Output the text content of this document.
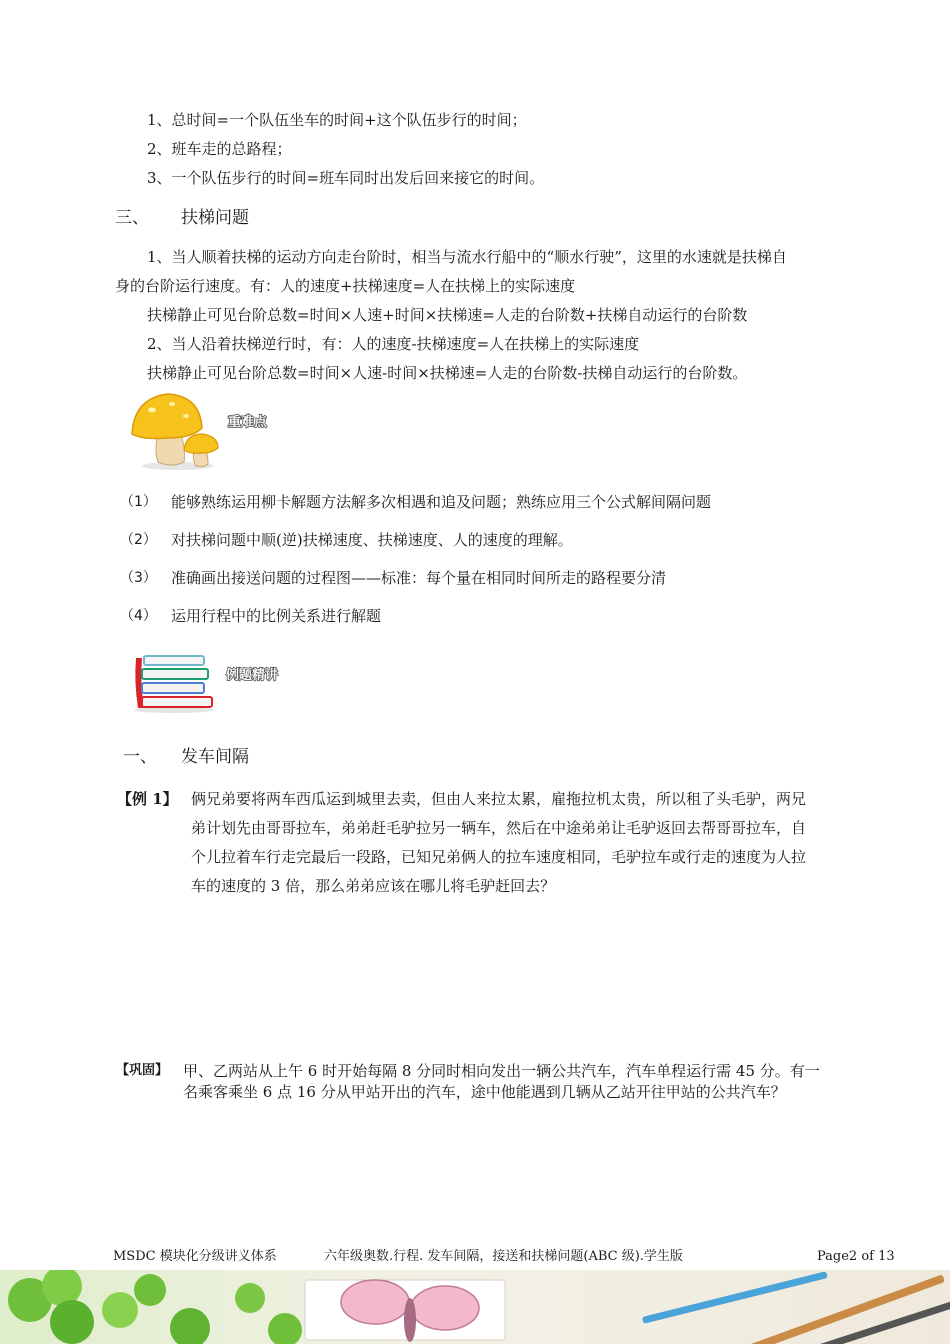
1、总时间=一个队伍坐车的时间+这个队伍步行的时间；
2、班车走的总路程；
3、一个队伍步行的时间=班车同时出发后回来接它的时间。
三、 扶梯问题
1、当人顺着扶梯的运动方向走台阶时，相当与流水行船中的“顺水行驶”，这里的水速就是扶梯自
身的台阶运行速度。有：人的速度+扶梯速度=人在扶梯上的实际速度
扶梯静止可见台阶总数=时间×人速+时间×扶梯速=人走的台阶数+扶梯自动运行的台阶数
2、当人沿着扶梯逆行时，有：人的速度-扶梯速度=人在扶梯上的实际速度
扶梯静止可见台阶总数=时间×人速-时间×扶梯速=人走的台阶数-扶梯自动运行的台阶数。
重难点
（1） 能够熟练运用柳卡解题方法解多次相遇和追及问题；熟练应用三个公式解间隔问题
（2） 对扶梯问题中顺(逆)扶梯速度、扶梯速度、人的速度的理解。
（3） 准确画出接送问题的过程图——标准：每个量在相同时间所走的路程要分清
（4） 运用行程中的比例关系进行解题
例题精讲
一、 发车间隔
【例 1】 俩兄弟要将两车西瓜运到城里去卖，但由人来拉太累，雇拖拉机太贵，所以租了头毛驴，两兄
弟计划先由哥哥拉车，弟弟赶毛驴拉另一辆车，然后在中途弟弟让毛驴返回去帮哥哥拉车，自
个儿拉着车行走完最后一段路，已知兄弟俩人的拉车速度相同，毛驴拉车或行走的速度为人拉
车的速度的 3 倍，那么弟弟应该在哪儿将毛驴赶回去？
【巩固】 甲、乙两站从上午 6 时开始每隔 8 分同时相向发出一辆公共汽车，汽车单程运行需 45 分。有一
名乘客乘坐 6 点 16 分从甲站开出的汽车，途中他能遇到几辆从乙站开往甲站的公共汽车？
MSDC 模块化分级讲义体系	六年级奥数.行程. 发车间隔，接送和扶梯问题(ABC 级).学生版	Page2 of 13
